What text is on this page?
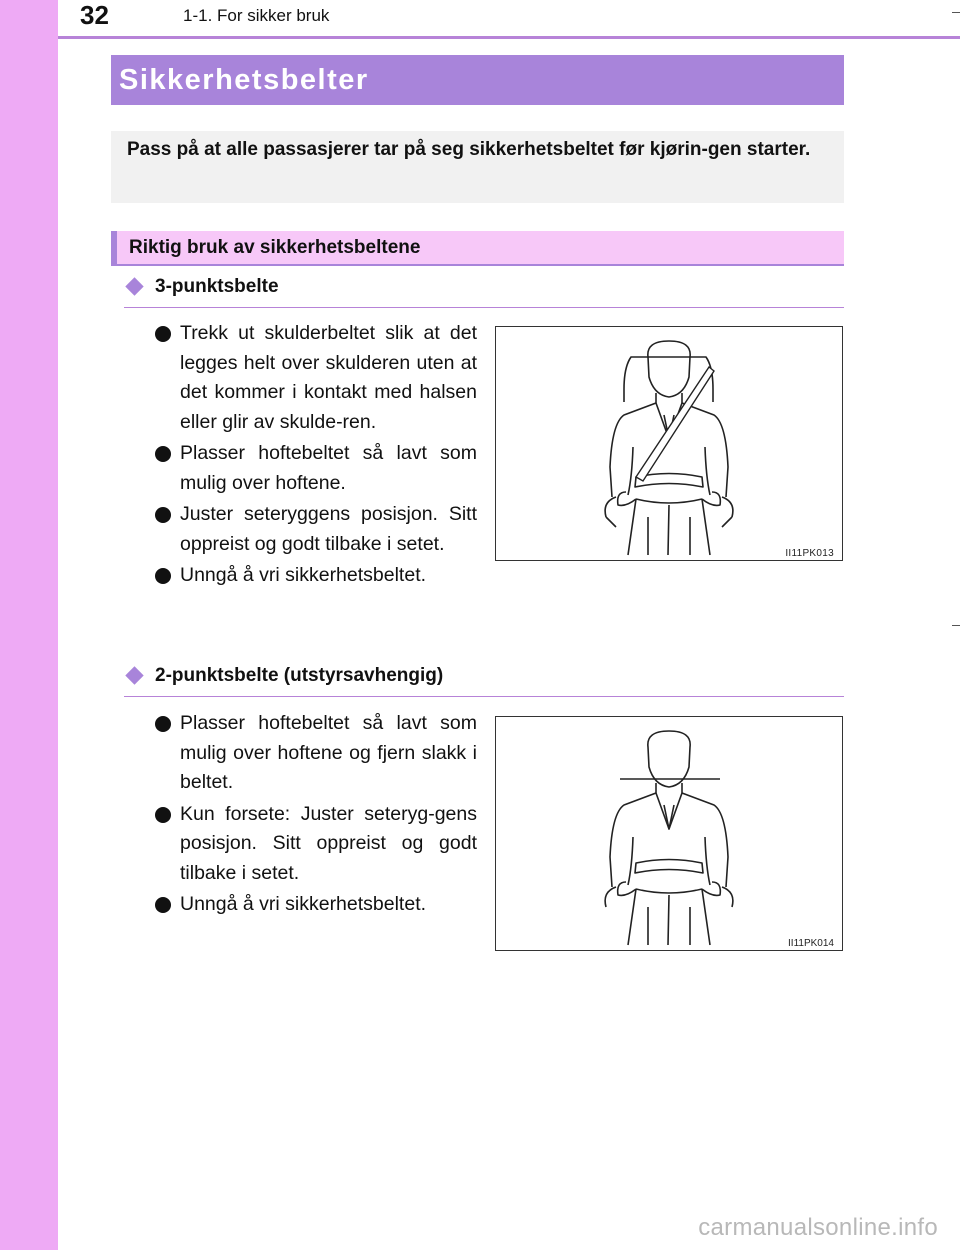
32	1-1. For sikker bruk
Sikkerhetsbelter
Pass på at alle passasjerer tar på seg sikkerhetsbeltet før kjørin-gen starter.
Riktig bruk av sikkerhetsbeltene
3-punktsbelte
Trekk ut skulderbeltet slik at det legges helt over skulderen uten at det kommer i kontakt med halsen eller glir av skulde-ren.
Plasser hoftebeltet så lavt som mulig over hoftene.
Juster seteryggens posisjon. Sitt oppreist og godt tilbake i setet.
Unngå å vri sikkerhetsbeltet.
II11PK013
2-punktsbelte (utstyrsavhengig)
Plasser hoftebeltet så lavt som mulig over hoftene og fjern slakk i beltet.
Kun forsete: Juster seteryg-gens posisjon. Sitt oppreist og godt tilbake i setet.
Unngå å vri sikkerhetsbeltet.
II11PK014
carmanualsonline.info
